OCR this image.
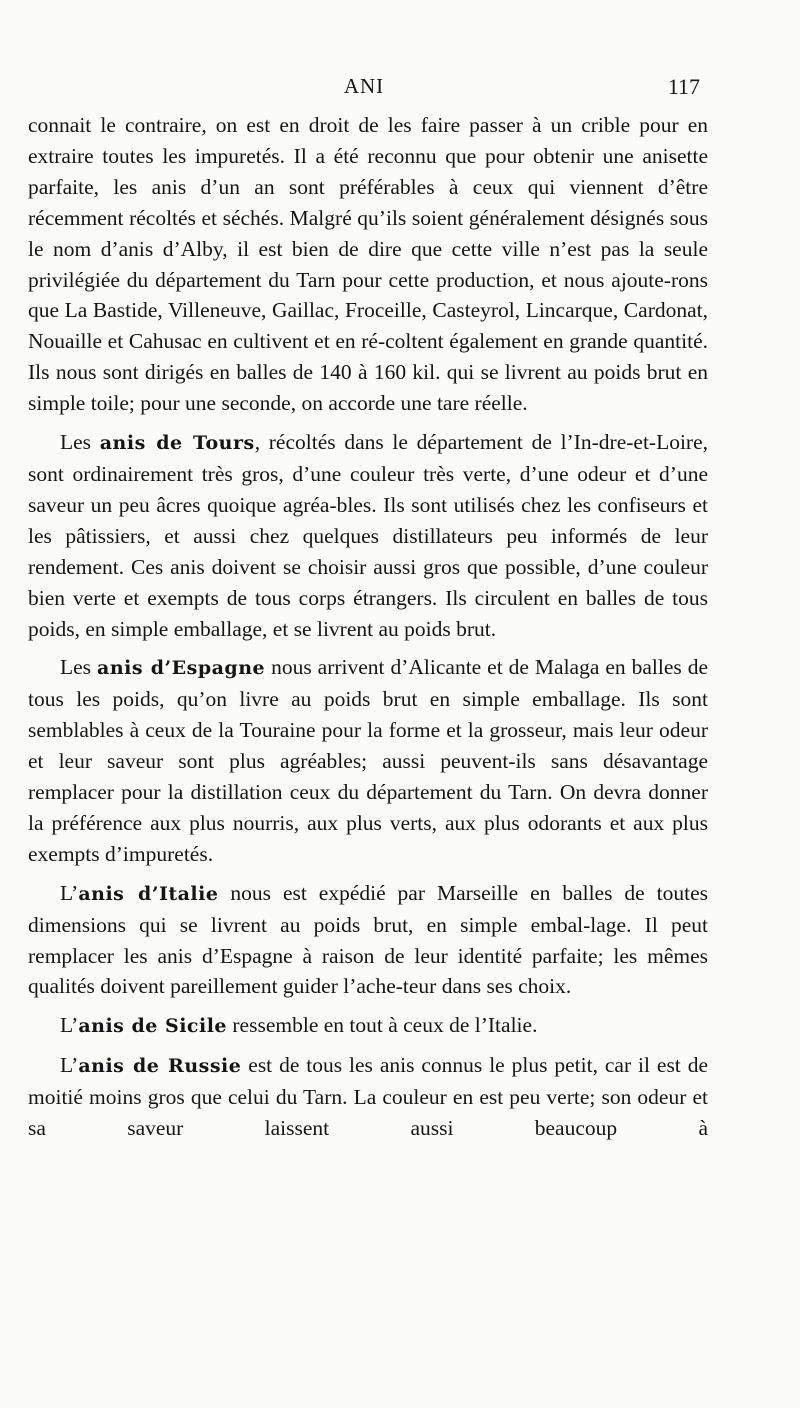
ANI	117

connait le contraire, on est en droit de les faire passer à un crible pour en extraire toutes les impuretés. Il a été reconnu que pour obtenir une anisette parfaite, les anis d’un an sont préférables à ceux qui viennent d’être récemment récoltés et séchés. Malgré qu’ils soient généralement désignés sous le nom d’anis d’Alby, il est bien de dire que cette ville n’est pas la seule privilégiée du département du Tarn pour cette production, et nous ajoute-rons que La Bastide, Villeneuve, Gaillac, Froceille, Casteyrol, Lincarque, Cardonat, Nouaille et Cahusac en cultivent et en ré-coltent également en grande quantité. Ils nous sont dirigés en balles de 140 à 160 kil. qui se livrent au poids brut en simple toile; pour une seconde, on accorde une tare réelle.

Les anis de Tours, récoltés dans le département de l’In-dre-et-Loire, sont ordinairement très gros, d’une couleur très verte, d’une odeur et d’une saveur un peu âcres quoique agréa-bles. Ils sont utilisés chez les confiseurs et les pâtissiers, et aussi chez quelques distillateurs peu informés de leur rendement. Ces anis doivent se choisir aussi gros que possible, d’une couleur bien verte et exempts de tous corps étrangers. Ils circulent en balles de tous poids, en simple emballage, et se livrent au poids brut.

Les anis d’Espagne nous arrivent d’Alicante et de Malaga en balles de tous les poids, qu’on livre au poids brut en simple emballage. Ils sont semblables à ceux de la Touraine pour la forme et la grosseur, mais leur odeur et leur saveur sont plus agréables; aussi peuvent-ils sans désavantage remplacer pour la distillation ceux du département du Tarn. On devra donner la préférence aux plus nourris, aux plus verts, aux plus odorants et aux plus exempts d’impuretés.

L’anis d’Italie nous est expédié par Marseille en balles de toutes dimensions qui se livrent au poids brut, en simple embal-lage. Il peut remplacer les anis d’Espagne à raison de leur identité parfaite; les mêmes qualités doivent pareillement guider l’ache-teur dans ses choix.

L’anis de Sicile ressemble en tout à ceux de l’Italie.

L’anis de Russie est de tous les anis connus le plus petit, car il est de moitié moins gros que celui du Tarn. La couleur en est peu verte; son odeur et sa saveur laissent aussi beaucoup à
